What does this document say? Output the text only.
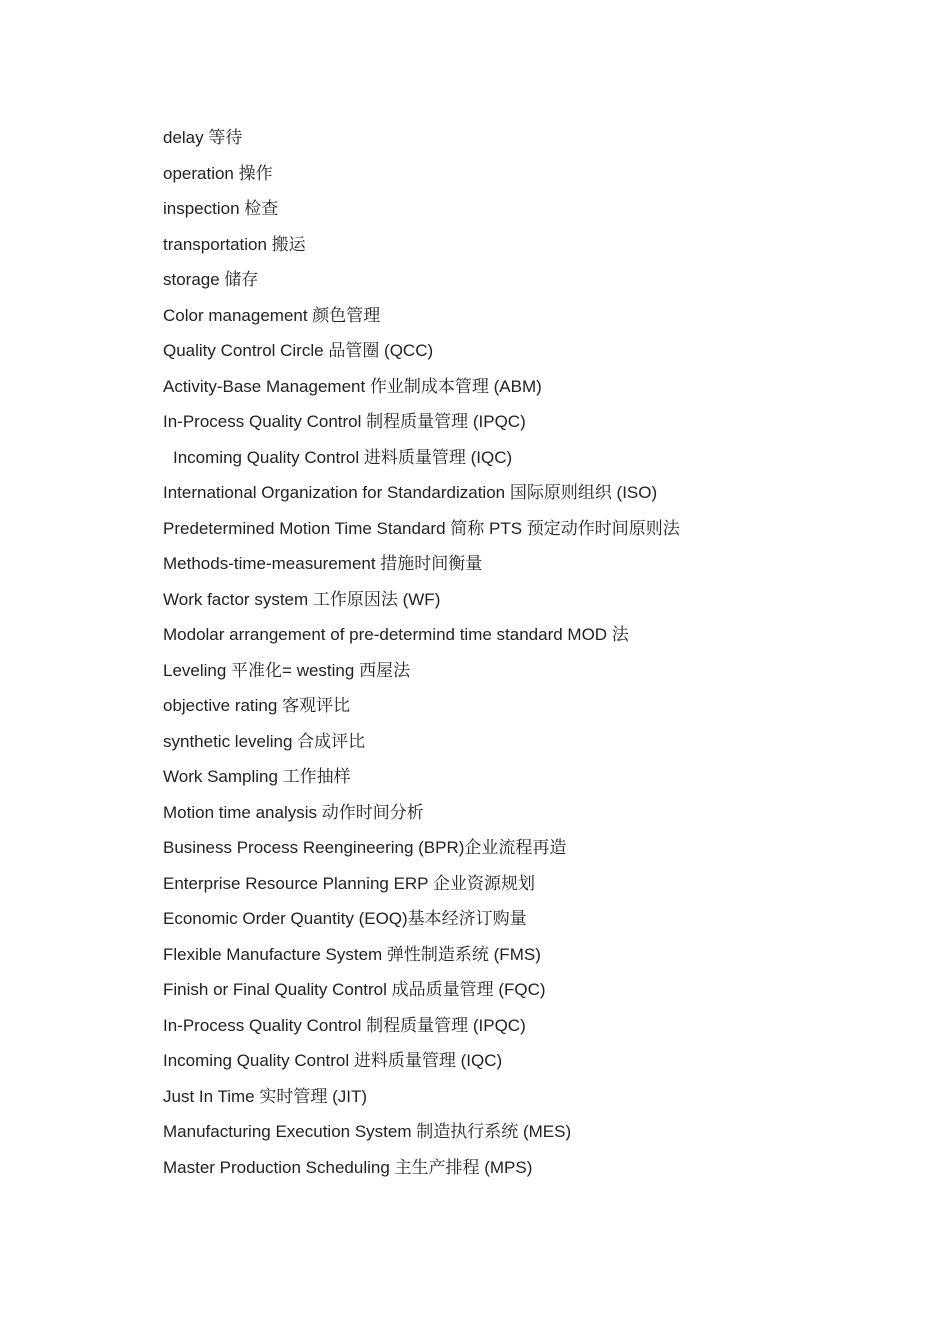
delay 等待
operation 操作
inspection 检查
transportation 搬运
storage 储存
Color management 颜色管理
Quality Control Circle 品管圈 (QCC)
Activity-Base Management 作业制成本管理 (ABM)
In-Process Quality Control 制程质量管理 (IPQC)
Incoming Quality Control 进料质量管理 (IQC)
International Organization for Standardization 国际原则组织 (ISO)
Predetermined Motion Time Standard 简称 PTS 预定动作时间原则法
Methods-time-measurement 措施时间衡量
Work factor system 工作原因法 (WF)
Modolar arrangement of pre-determind time standard MOD 法
Leveling 平准化= westing 西屋法
objective rating 客观评比
synthetic leveling 合成评比
Work Sampling 工作抽样
Motion time analysis 动作时间分析
Business Process Reengineering (BPR)企业流程再造
Enterprise Resource Planning ERP 企业资源规划
Economic Order Quantity (EOQ)基本经济订购量
Flexible Manufacture System 弹性制造系统 (FMS)
Finish or Final Quality Control 成品质量管理 (FQC)
In-Process Quality Control 制程质量管理 (IPQC)
Incoming Quality Control 进料质量管理 (IQC)
Just In Time 实时管理 (JIT)
Manufacturing Execution System 制造执行系统 (MES)
Master Production Scheduling 主生产排程 (MPS)
